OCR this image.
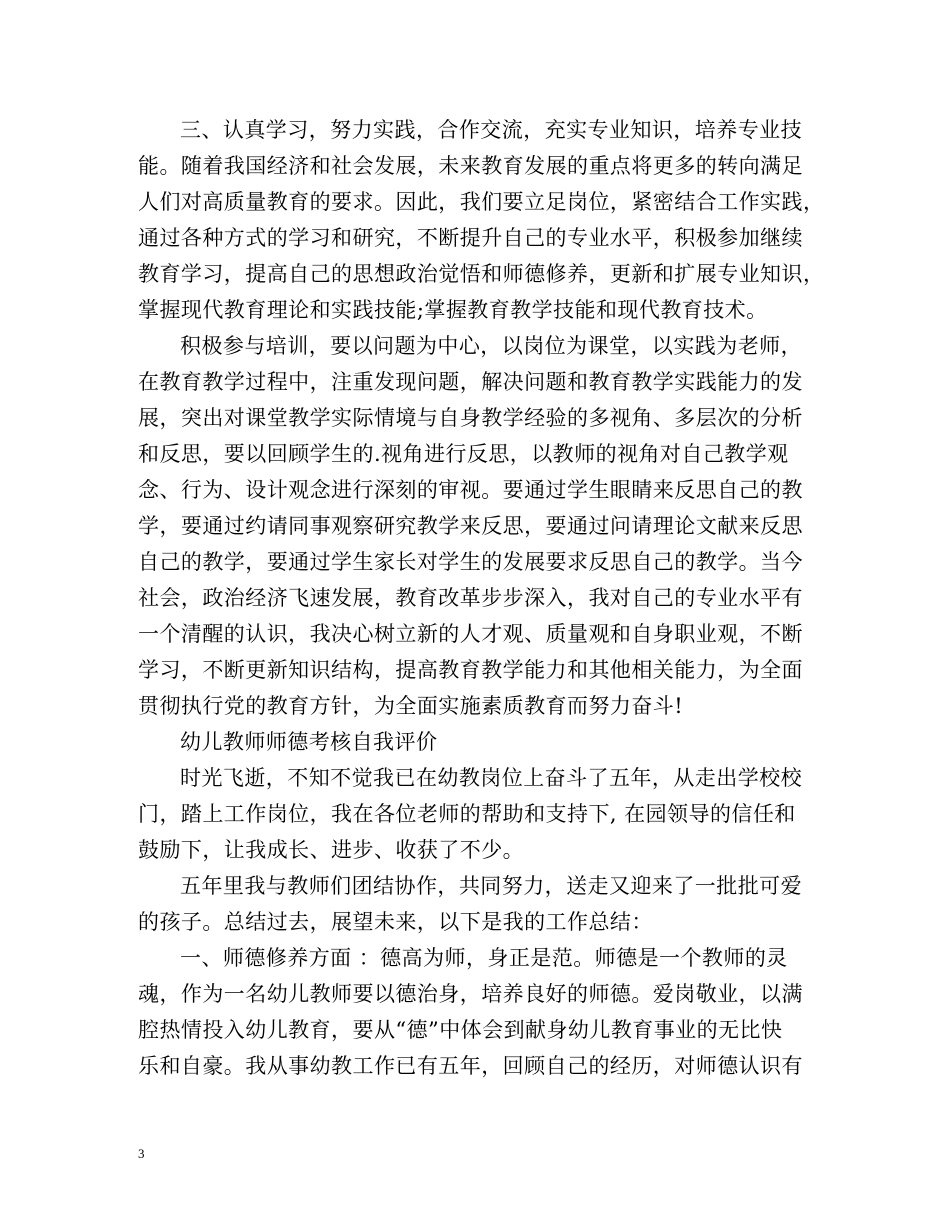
三、认真学习，努力实践，合作交流，充实专业知识，培养专业技
能。随着我国经济和社会发展，未来教育发展的重点将更多的转向满足
人们对高质量教育的要求。因此，我们要立足岗位，紧密结合工作实践，
通过各种方式的学习和研究，不断提升自己的专业水平，积极参加继续
教育学习，提高自己的思想政治觉悟和师德修养，更新和扩展专业知识，
掌握现代教育理论和实践技能;掌握教育教学技能和现代教育技术。
积极参与培训，要以问题为中心，以岗位为课堂，以实践为老师，
在教育教学过程中，注重发现问题，解决问题和教育教学实践能力的发
展，突出对课堂教学实际情境与自身教学经验的多视角、多层次的分析
和反思，要以回顾学生的.视角进行反思，以教师的视角对自己教学观
念、行为、设计观念进行深刻的审视。要通过学生眼睛来反思自己的教
学，要通过约请同事观察研究教学来反思，要通过问请理论文献来反思
自己的教学，要通过学生家长对学生的发展要求反思自己的教学。当今
社会，政治经济飞速发展，教育改革步步深入，我对自己的专业水平有
一个清醒的认识，我决心树立新的人才观、质量观和自身职业观，不断
学习，不断更新知识结构，提高教育教学能力和其他相关能力，为全面
贯彻执行党的教育方针，为全面实施素质教育而努力奋斗!
幼儿教师师德考核自我评价
时光飞逝，不知不觉我已在幼教岗位上奋斗了五年，从走出学校校
门，踏上工作岗位，我在各位老师的帮助和支持下, 在园领导的信任和
鼓励下，让我成长、进步、收获了不少。
五年里我与教师们团结协作，共同努力，送走又迎来了一批批可爱
的孩子。总结过去，展望未来，以下是我的工作总结：
一、师德修养方面 ：德高为师，身正是范。师德是一个教师的灵
魂，作为一名幼儿教师要以德治身，培养良好的师德。爱岗敬业，以满
腔热情投入幼儿教育，要从“德”中体会到献身幼儿教育事业的无比快
乐和自豪。我从事幼教工作已有五年，回顾自己的经历，对师德认识有
3
